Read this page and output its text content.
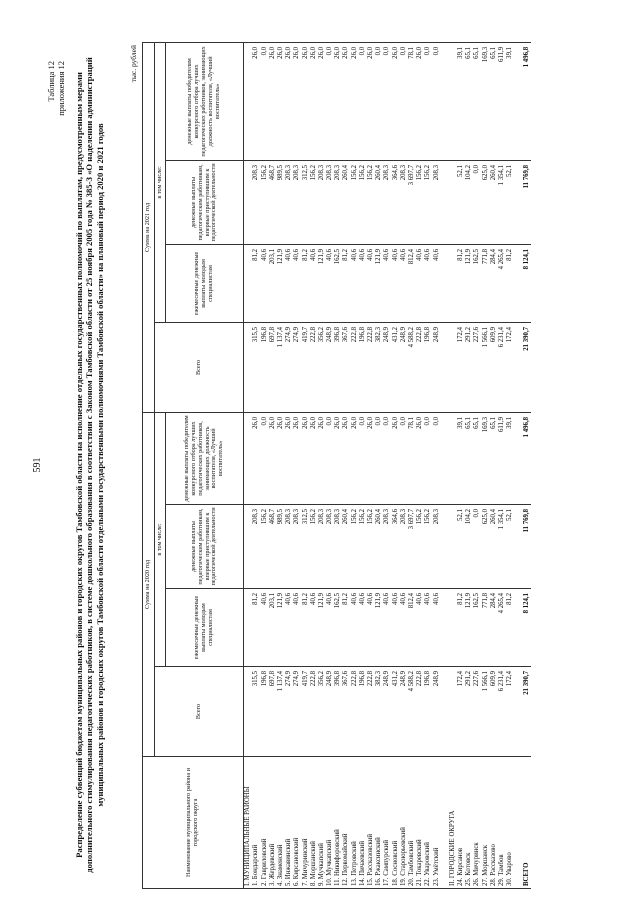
591
Таблица 12 приложения 12 Распределение субвенций бюджетам муниципальных районов и городских округов Тамбовской области на исполнение отдельных государственных полномочий по выплатам, предусмотренным мерами дополнительного стимулирования педагогических работников, в системе дошкольного образования в соответствии с Законом Тамбовской области от 25 ноября 2005 года № 385-З «О наделении администраций муниципальных районов и городских округов Тамбовской области отдельными государственными полномочиями Тамбовской области» на плановый период 2020 и 2021 годов
тыс. рублей
Наименование муниципального района и городского округа	Сумма на 2020 год				Сумма на 2021 год			
	Всего	в том числе:			Всего	в том числе:		
		ежемесячные денежные выплаты молодым специалистам	денежные выплаты педагогическим работникам, впервые приступившим к педагогической деятельности	денежные выплаты победителям конкурсного отбора лучших педагогических работников, занимающих должность воспитателя, «Лучший воспитатель»		ежемесячные денежные выплаты молодым специалистам	денежные выплаты педагогическим работникам, впервые приступившим к педагогической деятельности	денежные выплаты победителям конкурсного отбора лучших педагогических работников, занимающих должность воспитателя, «Лучший воспитатель»
I. МУНИЦИПАЛЬНЫЕ РАЙОНЫ								
1. Бондарский	315,5	81,2	208,3	26,0	315,5	81,2	208,3	26,0
2. Гавриловский	196,8	40,6	156,2	0,0	196,8	40,6	156,2	0,0
3. Жердевский	697,8	203,1	468,7	26,0	697,8	203,1	468,7	26,0
4. Знаменский	1 137,4	121,9	989,5	26,0	1 137,4	121,9	989,5	26,0
5. Инжавинский	274,9	40,6	208,3	26,0	274,9	40,6	208,3	26,0
6. Кирсановский	274,9	40,6	208,3	26,0	274,9	40,6	208,3	26,0
7. Мичуринский	419,7	81,2	312,5	26,0	419,7	81,2	312,5	26,0
8. Моршанский	222,8	40,6	156,2	26,0	222,8	40,6	156,2	26,0
9. Мучкапский	356,2	121,9	208,3	26,0	356,2	121,9	208,3	26,0
10. Мучкапский	248,9	40,6	208,3	0,0	248,9	40,6	208,3	0,0
11. Никифоровский	396,8	162,5	208,3	26,0	396,8	162,5	208,3	26,0
12. Первомайский	367,6	81,2	260,4	26,0	367,6	81,2	260,4	26,0
13. Петровский	222,8	40,6	156,2	26,0	222,8	40,6	156,2	26,0
14. Пичаевский	196,8	40,6	156,2	0,0	196,8	40,6	156,2	0,0
15. Рассказовский	222,8	40,6	156,2	26,0	222,8	40,6	156,2	26,0
16. Ржаксинский	382,3	121,9	260,4	0,0	382,3	121,9	260,4	0,0
17. Сампурский	248,9	40,6	208,3	0,0	248,9	40,6	208,3	0,0
18. Сосновский	431,2	40,6	364,6	26,0	431,2	40,6	364,6	26,0
19. Староюрьевский	248,9	40,6	208,3	0,0	248,9	40,6	208,3	0,0
20. Тамбовский	4 588,2	812,4	3 697,7	78,1	4 588,2	812,4	3 697,7	78,1
21. Токаревский	222,8	40,6	156,2	26,0	222,8	40,6	156,2	26,0
22. Уваровский	196,8	40,6	156,2	0,0	196,8	40,6	156,2	0,0
23. Умётский	248,9	40,6	208,3	0,0	248,9	40,6	208,3	0,0

II. ГОРОДСКИЕ ОКРУГА								
24. Кирсанов	172,4	81,2	52,1	39,1	172,4	81,2	52,1	39,1
25. Котовск	291,2	121,9	104,2	65,1	291,2	121,9	104,2	65,1
26. Мичуринск	227,6	162,5	0,0	65,1	227,6	162,5	0,0	65,1
27. Моршанск	1 566,1	771,8	625,0	169,3	1 566,1	771,8	625,0	169,3
28. Рассказово	609,9	284,4	260,4	65,1	609,9	284,4	260,4	65,1
29. Тамбов	6 231,4	4 265,4	1 354,1	611,9	6 231,4	4 265,4	1 354,1	611,9
30. Уварово	172,4	81,2	52,1	39,1	172,4	81,2	52,1	39,1

ВСЕГО	21 390,7	8 124,1	11 769,8	1 496,8	21 390,7	8 124,1	11 769,8	1 496,8
